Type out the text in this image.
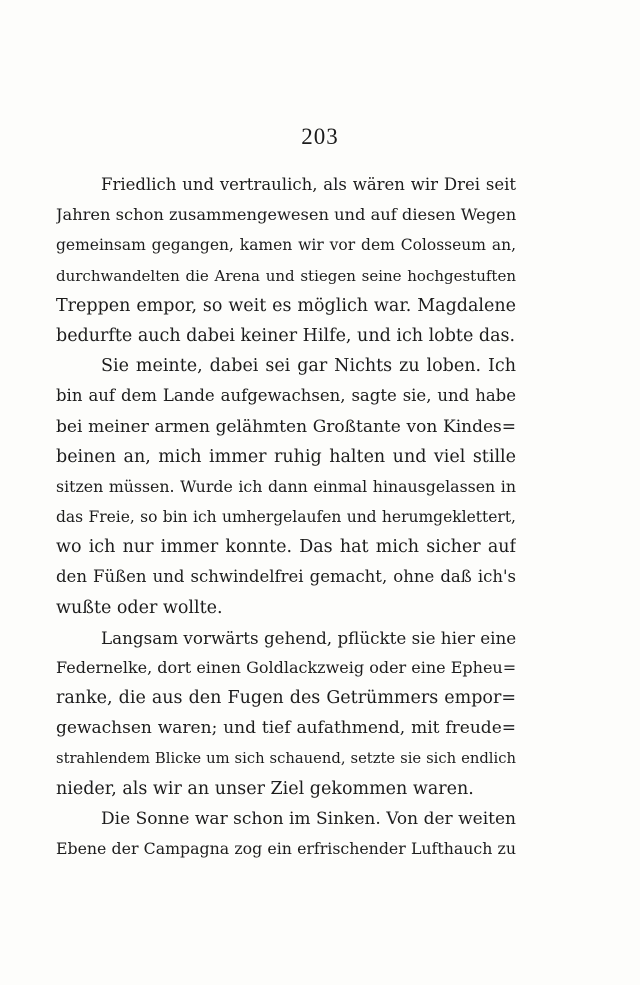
203
Friedlich und vertraulich, als wären wir Drei seit
Jahren schon zusammengewesen und auf diesen Wegen
gemeinsam gegangen, kamen wir vor dem Colosseum an,
durchwandelten die Arena und stiegen seine hochgestuften
Treppen empor, so weit es möglich war. Magdalene
bedurfte auch dabei keiner Hilfe, und ich lobte das.
Sie meinte, dabei sei gar Nichts zu loben. Ich
bin auf dem Lande aufgewachsen, sagte sie, und habe
bei meiner armen gelähmten Großtante von Kindes=
beinen an, mich immer ruhig halten und viel stille
sitzen müssen. Wurde ich dann einmal hinausgelassen in
das Freie, so bin ich umhergelaufen und herumgeklettert,
wo ich nur immer konnte. Das hat mich sicher auf
den Füßen und schwindelfrei gemacht, ohne daß ich's
wußte oder wollte.
Langsam vorwärts gehend, pflückte sie hier eine
Federnelke, dort einen Goldlackzweig oder eine Epheu=
ranke, die aus den Fugen des Getrümmers empor=
gewachsen waren; und tief aufathmend, mit freude=
strahlendem Blicke um sich schauend, setzte sie sich endlich
nieder, als wir an unser Ziel gekommen waren.
Die Sonne war schon im Sinken. Von der weiten
Ebene der Campagna zog ein erfrischender Lufthauch zu
